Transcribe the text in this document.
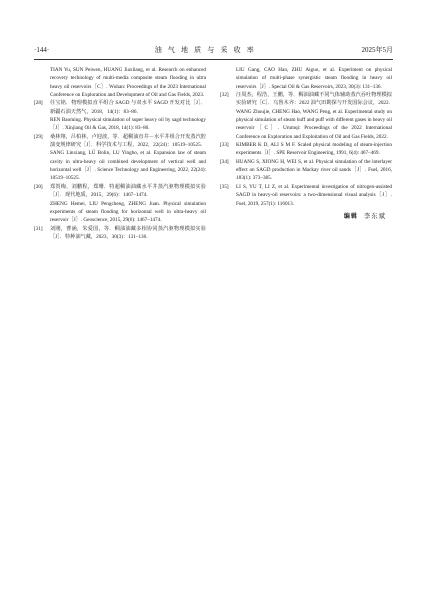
·144·	油 气 地 质 与 采 收 率	2025年5月

TIAN Yu, SUN Peiwen, HUANG Jiaxliang, et al. Research on enhanced recovery technology of multi-media composite steam flooding in ultra heavy oil reservoirs［C］. Wuhan: Proceedings of the 2023 International Conference on Exploration and Development of Oil and Gas Fields, 2023.

[28] 任宝铭．物理模拟直平组合 SAGD 与双水平 SAGD 开发对比［J］．新疆石油天然气，2018，14(1)：83–86.

REN Baoming. Physical simulation of super heavy oil by sagd technology［J］. Xinjiang Oil & Gas, 2018, 14(1): 83–86.

[29] 桑林翔，吕柏林，卢迎波，等．超稠油直井－水平井组合开发蒸汽腔演变规律研究［J］．科学技术与工程，2022，22(24)：10519–10525.

SANG Linxiang, LÜ Bolin, LU Yingbo, et al. Expansion law of steam cavity in ultra-heavy oil combined development of vertical well and horizontal well［J］. Science Technology and Engineering, 2022, 22(24): 10519–10525.

[30] 郑贺梅，刘鹏程，郑珊．特超稠油油藏水平井蒸汽驱物理模拟实验［J］．现代地质，2015，29(6)：1467–1474.

ZHENG Hemei, LIU Pengcheng, ZHENG Juan. Physical simulation experiments of steam flooding for horizontal well in ultra-heavy oil reservoir［J］. Geoscience, 2015, 29(6): 1467–1474.

[31] 刘刚，曹涵，朱爱国，等．稠油油藏多相协同蒸汽驱物理模拟实验［J］．特种油气藏，2023，30(3)：131–136.

LIU Gang, CAO Han, ZHU Aiguo, et al. Experiment on physical simulation of multi-phase synergistic steam flooding in heavy oil reservoirs［J］. Special Oil & Gas Reservoirs, 2023, 30(3): 131–136.

[32] 汪周杰，程浩，王鹏，等．稠油油藏不同气体辅助蒸汽吞吐物理模拟实验研究［C］．乌鲁木齐：2022 油气田勘探与开发国际会议，2022.

WANG Zhoujie, CHENG Hao, WANG Peng, et al. Experimental study on physical simulation of steam huff and puff with different gases in heavy oil reservoir［C］. Urumqi: Proceedings of the 2022 International Conference on Exploration and Exploitation of Oil and Gas Fields, 2022.

[33] KIMBER K D, ALI S M F. Scaled physical modeling of steam-injection experiments［J］. SPE Reservoir Engineering, 1991, 6(4): 467–469.

[34] HUANG S, XIONG H, WEI S, et al. Physical simulation of the interlayer effect on SAGD production in Mackay river oil sands［J］. Fuel, 2016, 183(1): 373–385.

[35] LI S, YU T, LI Z, et al. Experimental investigation of nitrogen-assisted SAGD in heavy-oil reservoirs: a two-dimensional visual analysis［J］. Fuel, 2019, 257(1): 116013.

编辑 李东斌
